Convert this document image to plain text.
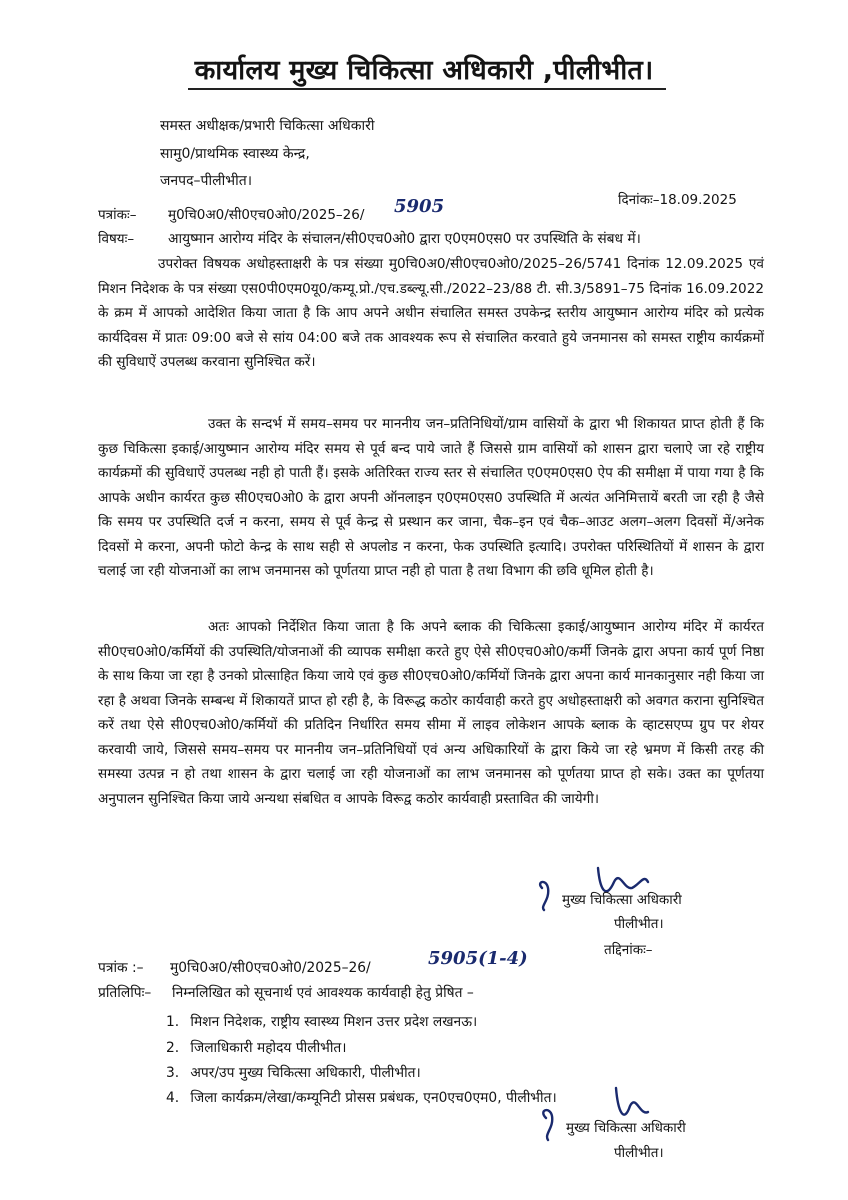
कार्यालय मुख्य चिकित्सा अधिकारी ,पीलीभीत।
समस्त अधीक्षक/प्रभारी चिकित्सा अधिकारी
सामु0/प्राथमिक स्वास्थ्य केन्द्र,
जनपद–पीलीभीत।
दिनांकः–18.09.2025
पत्रांकः– मु0चि0अ0/सी0एच0ओ0/2025–26/ 5905
विषयः– आयुष्मान आरोग्य मंदिर के संचालन/सी0एच0ओ0 द्वारा ए0एम0एस0 पर उपस्थिति के संबध में।
उपरोक्त विषयक अधोहस्ताक्षरी के पत्र संख्या मु0चि0अ0/सी0एच0ओ0/2025–26/5741 दिनांक 12.09.2025 एवं मिशन निदेशक के पत्र संख्या एस0पी0एम0यू0/कम्यू.प्रो./एच.डब्ल्यू.सी./2022–23/88 टी. सी.3/5891–75 दिनांक 16.09.2022 के क्रम में आपको आदेशित किया जाता है कि आप अपने अधीन संचालित समस्त उपकेन्द्र स्तरीय आयुष्मान आरोग्य मंदिर को प्रत्येक कार्यदिवस में प्रातः 09:00 बजे से सांय 04:00 बजे तक आवश्यक रूप से संचालित करवाते हुये जनमानस को समस्त राष्ट्रीय कार्यक्रमों की सुविधाऐं उपलब्ध करवाना सुनिश्चित करें।
उक्त के सन्दर्भ में समय–समय पर माननीय जन–प्रतिनिधियों/ग्राम वासियों के द्वारा भी शिकायत प्राप्त होती हैं कि कुछ चिकित्सा इकाई/आयुष्मान आरोग्य मंदिर समय से पूर्व बन्द पाये जाते हैं जिससे ग्राम वासियों को शासन द्वारा चलाऐ जा रहे राष्ट्रीय कार्यक्रमों की सुविधाऐं उपलब्ध नही हो पाती हैं। इसके अतिरिक्त राज्य स्तर से संचालित ए0एम0एस0 ऐप की समीक्षा में पाया गया है कि आपके अधीन कार्यरत कुछ सी0एच0ओ0 के द्वारा अपनी ऑनलाइन ए0एम0एस0 उपस्थिति में अत्यंत अनिमित्तायें बरती जा रही है जैसे कि समय पर उपस्थिति दर्ज न करना, समय से पूर्व केन्द्र से प्रस्थान कर जाना, चैक–इन एवं चैक–आउट अलग–अलग दिवसों में/अनेक दिवसों मे करना, अपनी फोटो केन्द्र के साथ सही से अपलोड न करना, फेक उपस्थिति इत्यादि। उपरोक्त परिस्थितियों में शासन के द्वारा चलाई जा रही योजनाओं का लाभ जनमानस को पूर्णतया प्राप्त नही हो पाता है तथा विभाग की छवि धूमिल होती है।
अतः आपको निर्देशित किया जाता है कि अपने ब्लाक की चिकित्सा इकाई/आयुष्मान आरोग्य मंदिर में कार्यरत सी0एच0ओ0/कर्मियों की उपस्थिति/योजनाओं की व्यापक समीक्षा करते हुए ऐसे सी0एच0ओ0/कर्मी जिनके द्वारा अपना कार्य पूर्ण निष्ठा के साथ किया जा रहा है उनको प्रोत्साहित किया जाये एवं कुछ सी0एच0ओ0/कर्मियों जिनके द्वारा अपना कार्य मानकानुसार नही किया जा रहा है अथवा जिनके सम्बन्ध में शिकायतें प्राप्त हो रही है, के विरूद्ध कठोर कार्यवाही करते हुए अधोहस्ताक्षरी को अवगत कराना सुनिश्चित करें तथा ऐसे सी0एच0ओ0/कर्मियों की प्रतिदिन निर्धारित समय सीमा में लाइव लोकेशन आपके ब्लाक के व्हाटसएप्प ग्रुप पर शेयर करवायी जाये, जिससे समय–समय पर माननीय जन–प्रतिनिधियों एवं अन्य अधिकारियों के द्वारा किये जा रहे भ्रमण में किसी तरह की समस्या उत्पन्न न हो तथा शासन के द्वारा चलाई जा रही योजनाओं का लाभ जनमानस को पूर्णतया प्राप्त हो सके। उक्त का पूर्णतया अनुपालन सुनिश्चित किया जाये अन्यथा संबधित व आपके विरूद्व कठोर कार्यवाही प्रस्तावित की जायेगी।
मुख्य चिकित्सा अधिकारी
पीलीभीत।
तद्दिनांकः–
पत्रांक :– मु0चि0अ0/सी0एच0ओ0/2025–26/	5905(1-4)
प्रतिलिपिः– निम्नलिखित को सूचनार्थ एवं आवश्यक कार्यवाही हेतु प्रेषित –
1. मिशन निदेशक, राष्ट्रीय स्वास्थ्य मिशन उत्तर प्रदेश लखनऊ।
2. जिलाधिकारी महोदय पीलीभीत।
3. अपर/उप मुख्य चिकित्सा अधिकारी, पीलीभीत।
4. जिला कार्यक्रम/लेखा/कम्यूनिटी प्रोसस प्रबंधक, एन0एच0एम0, पीलीभीत।
मुख्य चिकित्सा अधिकारी
पीलीभीत।
